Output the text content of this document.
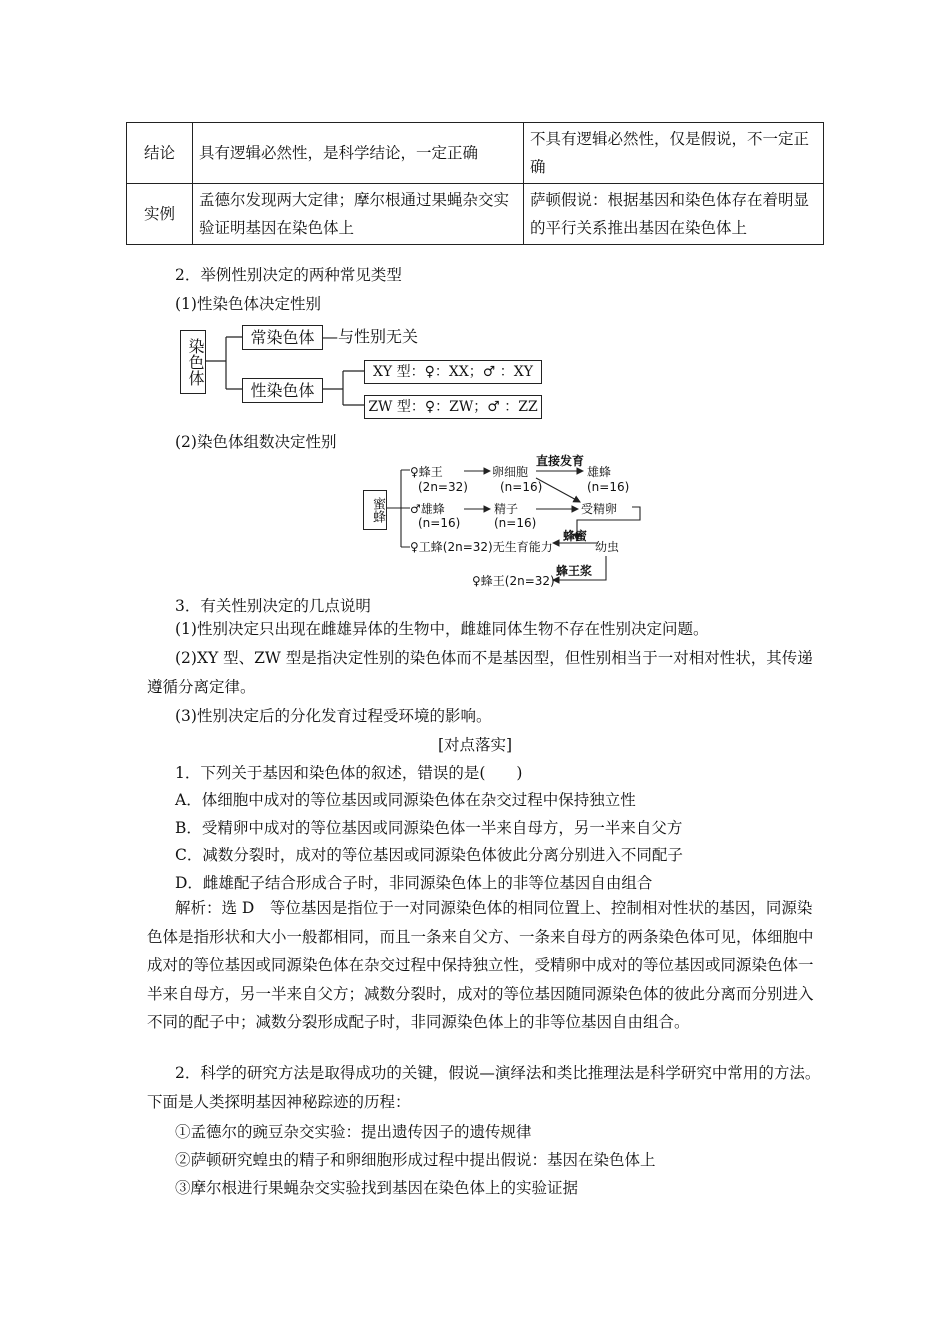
结论	具有逻辑必然性，是科学结论，一定正确	不具有逻辑必然性，仅是假说，不一定正确
实例	孟德尔发现两大定律；摩尔根通过果蝇杂交实验证明基因在染色体上	萨顿假说：根据基因和染色体存在着明显的平行关系推出基因在染色体上
2．举例性别决定的两种常见类型
(1)性染色体决定性别
染色体
常染色体 —与性别无关
性染色体
XY 型：♀：XX；♂ ：XY
ZW 型：♀：ZW；♂ ：ZZ
(2)染色体组数决定性别
蜜蜂
♀蜂王
(2n=32)
卵细胞
(n=16)
直接发育
雄蜂
(n=16)
♂雄蜂
(n=16)
精子
(n=16)
受精卵
♀工蜂(2n=32)无生育能力
蜂蜜
幼虫
蜂王浆
♀蜂王(2n=32)
3．有关性别决定的几点说明
(1)性别决定只出现在雌雄异体的生物中，雌雄同体生物不存在性别决定问题。
(2)XY 型、ZW 型是指决定性别的染色体而不是基因型，但性别相当于一对相对性状，其传递遵循分离定律。
(3)性别决定后的分化发育过程受环境的影响。
[对点落实]
1．下列关于基因和染色体的叙述，错误的是(　　)
A．体细胞中成对的等位基因或同源染色体在杂交过程中保持独立性
B．受精卵中成对的等位基因或同源染色体一半来自母方，另一半来自父方
C．减数分裂时，成对的等位基因或同源染色体彼此分离分别进入不同配子
D．雌雄配子结合形成合子时，非同源染色体上的非等位基因自由组合
解析：选 D　等位基因是指位于一对同源染色体的相同位置上、控制相对性状的基因，同源染色体是指形状和大小一般都相同，而且一条来自父方、一条来自母方的两条染色体可见，体细胞中成对的等位基因或同源染色体在杂交过程中保持独立性，受精卵中成对的等位基因或同源染色体一半来自母方，另一半来自父方；减数分裂时，成对的等位基因随同源染色体的彼此分离而分别进入不同的配子中；减数分裂形成配子时，非同源染色体上的非等位基因自由组合。
2．科学的研究方法是取得成功的关键，假说—演绎法和类比推理法是科学研究中常用的方法。下面是人类探明基因神秘踪迹的历程：
①孟德尔的豌豆杂交实验：提出遗传因子的遗传规律
②萨顿研究蝗虫的精子和卵细胞形成过程中提出假说：基因在染色体上
③摩尔根进行果蝇杂交实验找到基因在染色体上的实验证据
